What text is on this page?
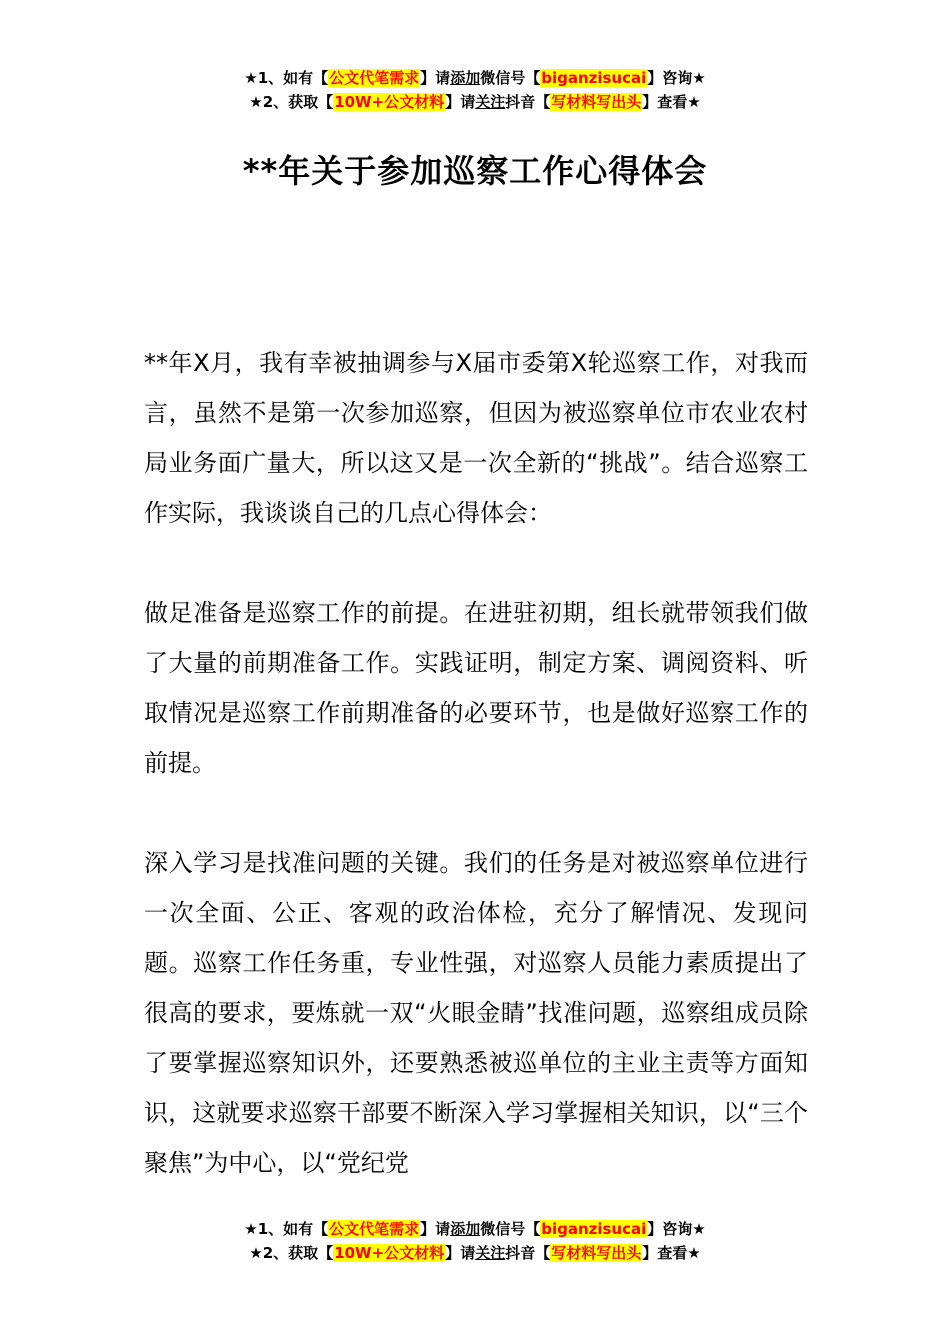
★1、如有【公文代笔需求】请添加微信号【biganzisucai】咨询★
★2、获取【10W+公文材料】请关注抖音【写材料写出头】查看★
**年关于参加巡察工作心得体会

**年X月，我有幸被抽调参与X届市委第X轮巡察工作，对我而言，虽然不是第一次参加巡察，但因为被巡察单位市农业农村局业务面广量大，所以这又是一次全新的“挑战”。结合巡察工作实际，我谈谈自己的几点心得体会：

做足准备是巡察工作的前提。在进驻初期，组长就带领我们做了大量的前期准备工作。实践证明，制定方案、调阅资料、听取情况是巡察工作前期准备的必要环节，也是做好巡察工作的前提。

深入学习是找准问题的关键。我们的任务是对被巡察单位进行一次全面、公正、客观的政治体检，充分了解情况、发现问题。巡察工作任务重，专业性强，对巡察人员能力素质提出了很高的要求，要炼就一双“火眼金睛”找准问题，巡察组成员除了要掌握巡察知识外，还要熟悉被巡单位的主业主责等方面知识，这就要求巡察干部要不断深入学习掌握相关知识，以“三个聚焦”为中心，以“党纪党

★1、如有【公文代笔需求】请添加微信号【biganzisucai】咨询★
★2、获取【10W+公文材料】请关注抖音【写材料写出头】查看★
